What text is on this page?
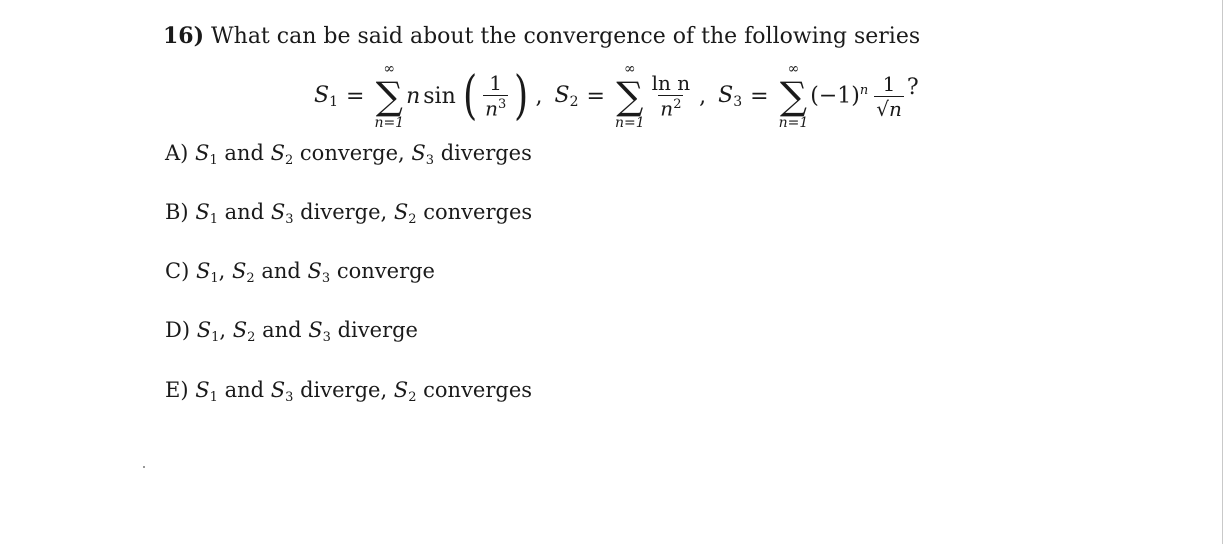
16) What can be said about the convergence of the following series
$S_1$ =
∞
∑
n=1
n sin ( $\frac{1}{n^3}$ ) , $S_2$ =
∞
∑
n=1
$\frac{\text{ln n}}{n^2}$ , $S_3$ =
∞
∑
n=1
$(-1)^n \frac{1}{√n}$ ?
A) $S_1$ and $S_2$ converge, $S_3$ diverges
B) $S_1$ and $S_3$ diverge, $S_2$ converges
C) $S_1$, $S_2$ and $S_3$ converge
D) $S_1$, $S_2$ and $S_3$ diverge
E) $S_1$ and $S_3$ diverge, $S_2$ converges
